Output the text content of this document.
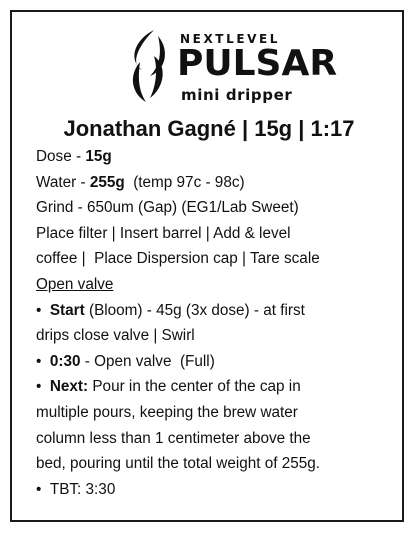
NEXTLEVEL
PULSAR
mini dripper
Jonathan Gagné | 15g | 1:17
Dose - 15g
Water - 255g  (temp 97c - 98c)
Grind - 650um (Gap) (EG1/Lab Sweet)
Place filter | Insert barrel | Add & level
coffee |  Place Dispersion cap | Tare scale
Open valve
• Start (Bloom) - 45g (3x dose) - at first
drips close valve | Swirl
• 0:30 - Open valve  (Full)
• Next: Pour in the center of the cap in
multiple pours, keeping the brew water
column less than 1 centimeter above the
bed, pouring until the total weight of 255g.
• TBT: 3:30
